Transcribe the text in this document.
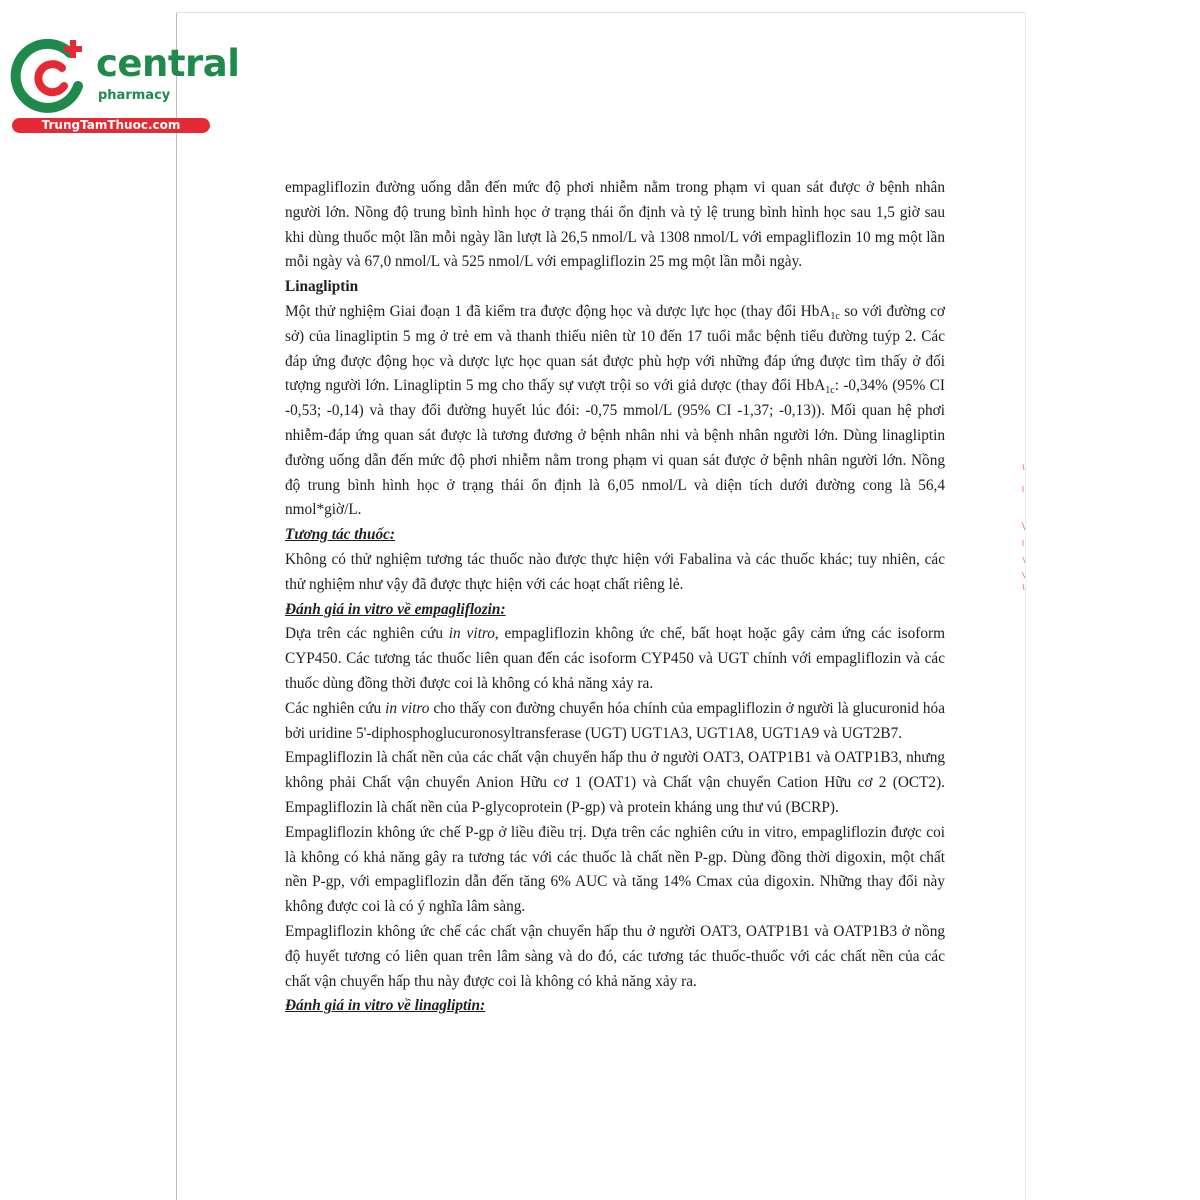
central
pharmacy
TrungTamThuoc.com

empagliflozin đường uống dẫn đến mức độ phơi nhiễm nằm trong phạm vi quan sát được ở bệnh nhân người lớn. Nồng độ trung bình hình học ở trạng thái ổn định và tỷ lệ trung bình hình học sau 1,5 giờ sau khi dùng thuốc một lần mỗi ngày lần lượt là 26,5 nmol/L và 1308 nmol/L với empagliflozin 10 mg một lần mỗi ngày và 67,0 nmol/L và 525 nmol/L với empagliflozin 25 mg một lần mỗi ngày.

Linagliptin

Một thử nghiệm Giai đoạn 1 đã kiểm tra được động học và dược lực học (thay đổi HbA$_{1c}$ so với đường cơ sở) của linagliptin 5 mg ở trẻ em và thanh thiếu niên từ 10 đến 17 tuổi mắc bệnh tiểu đường tuýp 2. Các đáp ứng được động học và dược lực học quan sát được phù hợp với những đáp ứng được tìm thấy ở đối tượng người lớn. Linagliptin 5 mg cho thấy sự vượt trội so với giả dược (thay đổi HbA$_{1c}$: -0,34% (95% CI -0,53; -0,14) và thay đổi đường huyết lúc đói: -0,75 mmol/L (95% CI -1,37; -0,13)). Mối quan hệ phơi nhiễm-đáp ứng quan sát được là tương đương ở bệnh nhân nhi và bệnh nhân người lớn. Dùng linagliptin đường uống dẫn đến mức độ phơi nhiễm nằm trong phạm vi quan sát được ở bệnh nhân người lớn. Nồng độ trung bình hình học ở trạng thái ổn định là 6,05 nmol/L và diện tích dưới đường cong là 56,4 nmol*giờ/L.

Tương tác thuốc:

Không có thử nghiệm tương tác thuốc nào được thực hiện với Fabalina và các thuốc khác; tuy nhiên, các thử nghiệm như vậy đã được thực hiện với các hoạt chất riêng lẻ.

Đánh giá in vitro về empagliflozin:

Dựa trên các nghiên cứu in vitro, empagliflozin không ức chế, bất hoạt hoặc gây cảm ứng các isoform CYP450. Các tương tác thuốc liên quan đến các isoform CYP450 và UGT chính với empagliflozin và các thuốc dùng đồng thời được coi là không có khả năng xảy ra.

Các nghiên cứu in vitro cho thấy con đường chuyển hóa chính của empagliflozin ở người là glucuronid hóa bởi uridine 5'-diphosphoglucuronosyltransferase (UGT) UGT1A3, UGT1A8, UGT1A9 và UGT2B7.

Empagliflozin là chất nền của các chất vận chuyển hấp thu ở người OAT3, OATP1B1 và OATP1B3, nhưng không phải Chất vận chuyển Anion Hữu cơ 1 (OAT1) và Chất vận chuyển Cation Hữu cơ 2 (OCT2). Empagliflozin là chất nền của P-glycoprotein (P-gp) và protein kháng ung thư vú (BCRP).

Empagliflozin không ức chế P-gp ở liều điều trị. Dựa trên các nghiên cứu in vitro, empagliflozin được coi là không có khả năng gây ra tương tác với các thuốc là chất nền P-gp. Dùng đồng thời digoxin, một chất nền P-gp, với empagliflozin dẫn đến tăng 6% AUC và tăng 14% Cmax của digoxin. Những thay đổi này không được coi là có ý nghĩa lâm sàng.

Empagliflozin không ức chế các chất vận chuyển hấp thu ở người OAT3, OATP1B1 và OATP1B3 ở nồng độ huyết tương có liên quan trên lâm sàng và do đó, các tương tác thuốc-thuốc với các chất nền của các chất vận chuyển hấp thu này được coi là không có khả năng xảy ra.

Đánh giá in vitro về linagliptin:
